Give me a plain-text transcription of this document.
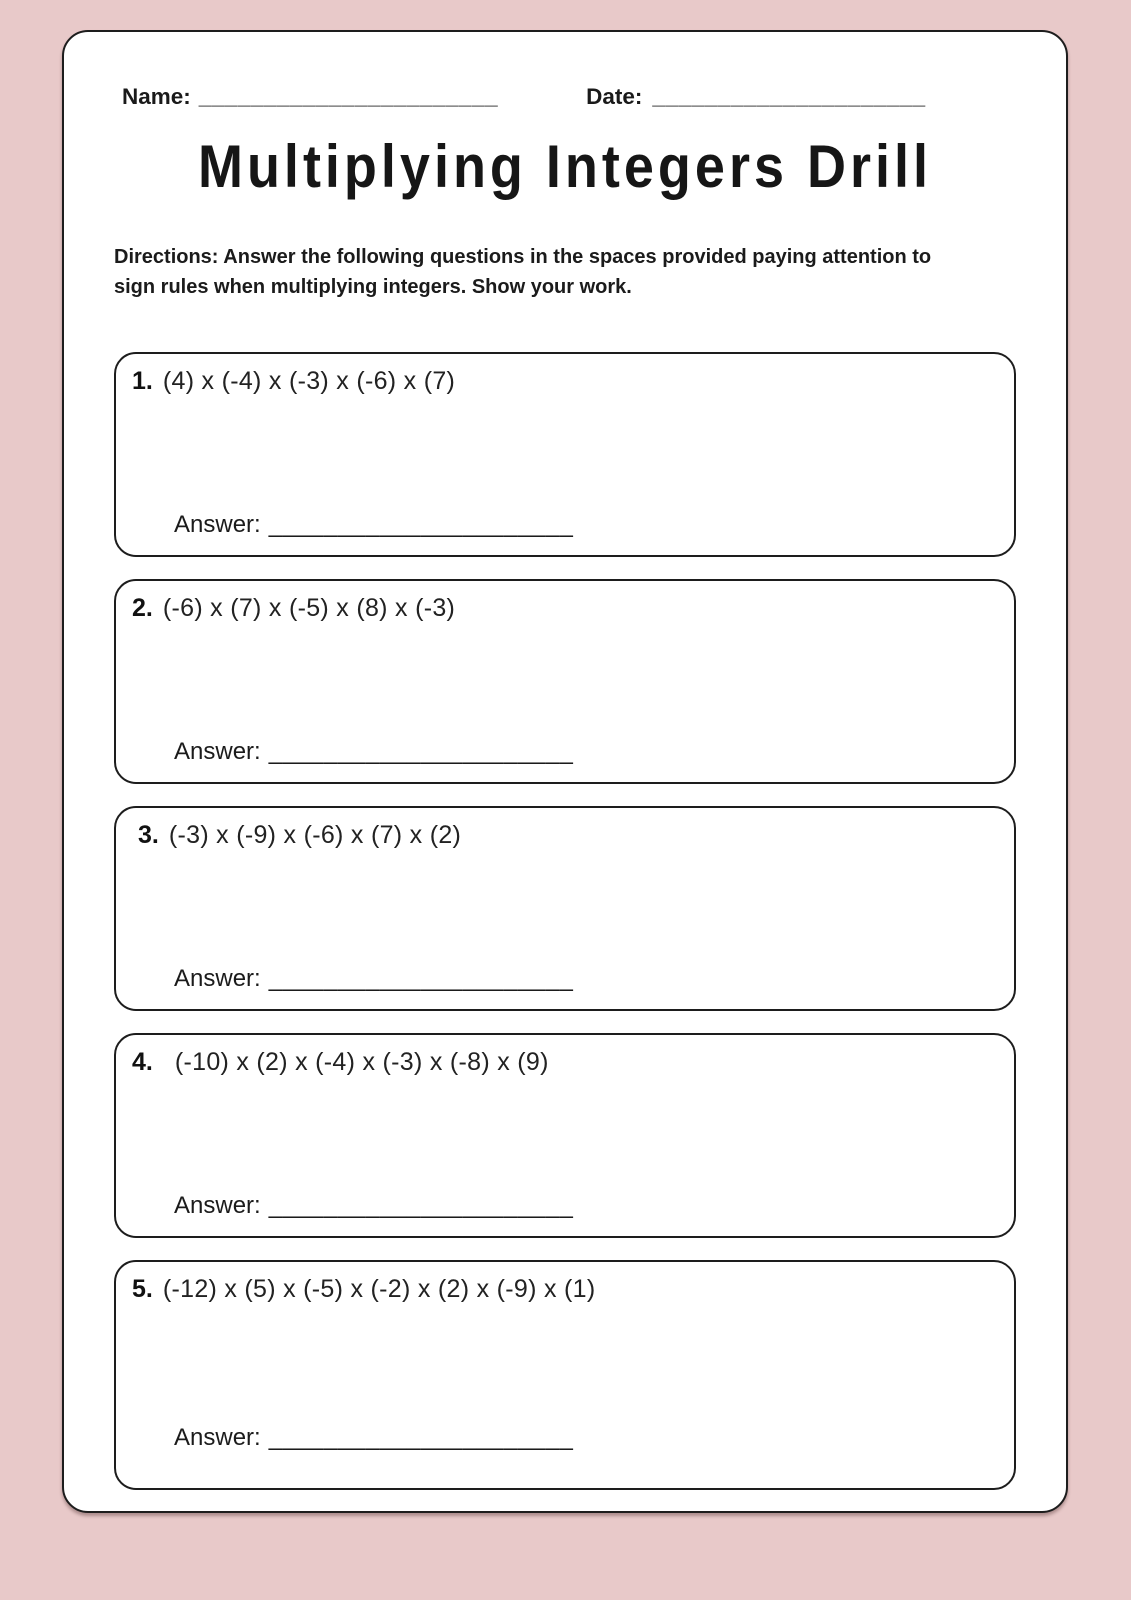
Name: _______________________	Date: _____________________
Multiplying Integers Drill
Directions: Answer the following questions in the spaces provided paying attention to sign rules when multiplying integers. Show your work.
1. (4) x (-4) x (-3) x (-6) x (7)
Answer: ______________________
2. (-6) x (7) x (-5) x (8) x (-3)
Answer: ______________________
3. (-3) x (-9) x (-6) x (7) x (2)
Answer: ______________________
4. (-10) x (2) x (-4) x (-3) x (-8) x (9)
Answer: ______________________
5. (-12) x (5) x (-5) x (-2) x (2) x (-9) x (1)
Answer: ______________________
